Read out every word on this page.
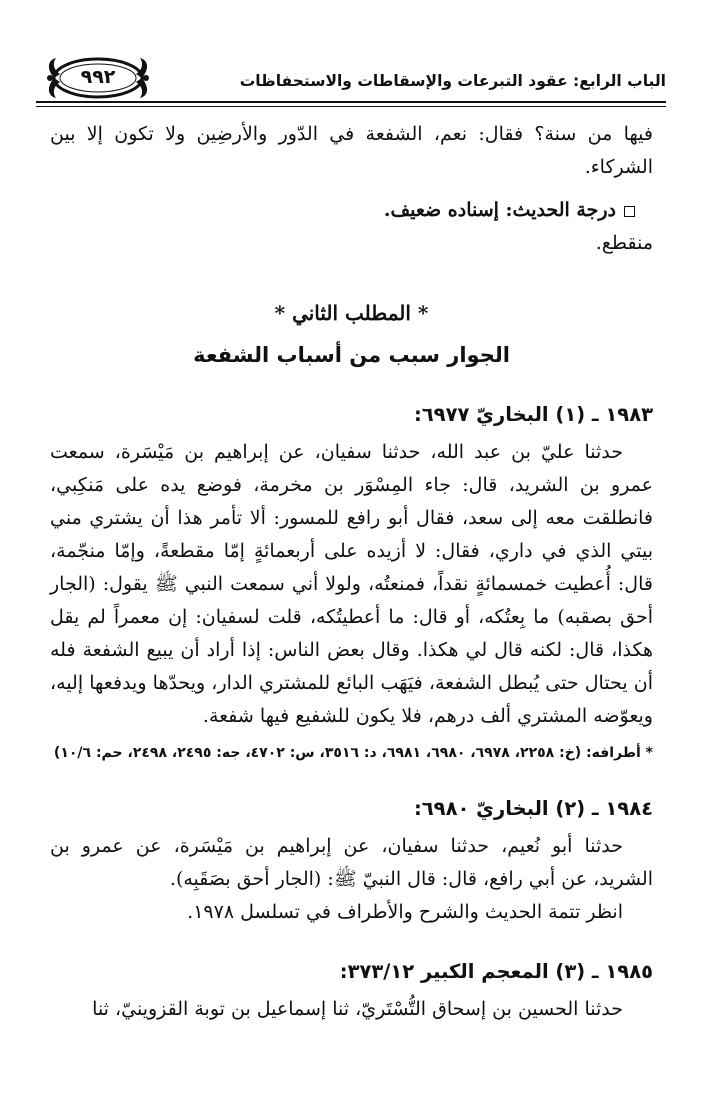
الباب الرابع: عقود التبرعات والإسقاطات والاستحفاظات
٩٩٢

فيها من سنة؟ فقال: نعم، الشفعة في الدّور والأرضِين ولا تكون إلا بين الشركاء.

درجة الحديث: إسناده ضعيف.

منقطع.

* المطلب الثاني *
الجوار سبب من أسباب الشفعة
١٩٨٣ ـ (١) البخاريّ ٦٩٧٧:

حدثنا عليّ بن عبد الله، حدثنا سفيان، عن إبراهيم بن مَيْسَرة، سمعت عمرو بن الشريد، قال: جاء المِسْوَر بن مخرمة، فوضع يده على مَنكِبي، فانطلقت معه إلى سعد، فقال أبو رافع للمسور: ألا تأمر هذا أن يشتري مني بيتي الذي في داري، فقال: لا أزيده على أربعمائةٍ إمّا مقطعةً، وإمّا منجّمة، قال: أُعطيت خمسمائةٍ نقداً، فمنعتُه، ولولا أني سمعت النبي ﷺ يقول: (الجار أحق بصقبه) ما بِعتُكه، أو قال: ما أعطيتُكه، قلت لسفيان: إن معمراً لم يقل هكذا، قال: لكنه قال لي هكذا. وقال بعض الناس: إذا أراد أن يبيع الشفعة فله أن يحتال حتى يُبطل الشفعة، فيَهَب البائع للمشتري الدار، ويحدّها ويدفعها إليه، ويعوّضه المشتري ألف درهم، فلا يكون للشفيع فيها شفعة.

* أطرافه: (خ: ٢٢٥٨، ٦٩٧٨، ٦٩٨٠، ٦٩٨١، د: ٣٥١٦، س: ٤٧٠٢، جه: ٢٤٩٥، ٢٤٩٨، حم: ١٠/٦)

١٩٨٤ ـ (٢) البخاريّ ٦٩٨٠:

حدثنا أبو نُعيم، حدثنا سفيان، عن إبراهيم بن مَيْسَرة، عن عمرو بن الشريد، عن أبي رافع، قال: قال النبيّ ﷺ: (الجار أحق بصَقَبِه).

انظر تتمة الحديث والشرح والأطراف في تسلسل ١٩٧٨.

١٩٨٥ ـ (٣) المعجم الكبير ٣٧٣/١٢:

حدثنا الحسين بن إسحاق التُّسْتَريّ، ثنا إسماعيل بن توبة القزوينيّ، ثنا
